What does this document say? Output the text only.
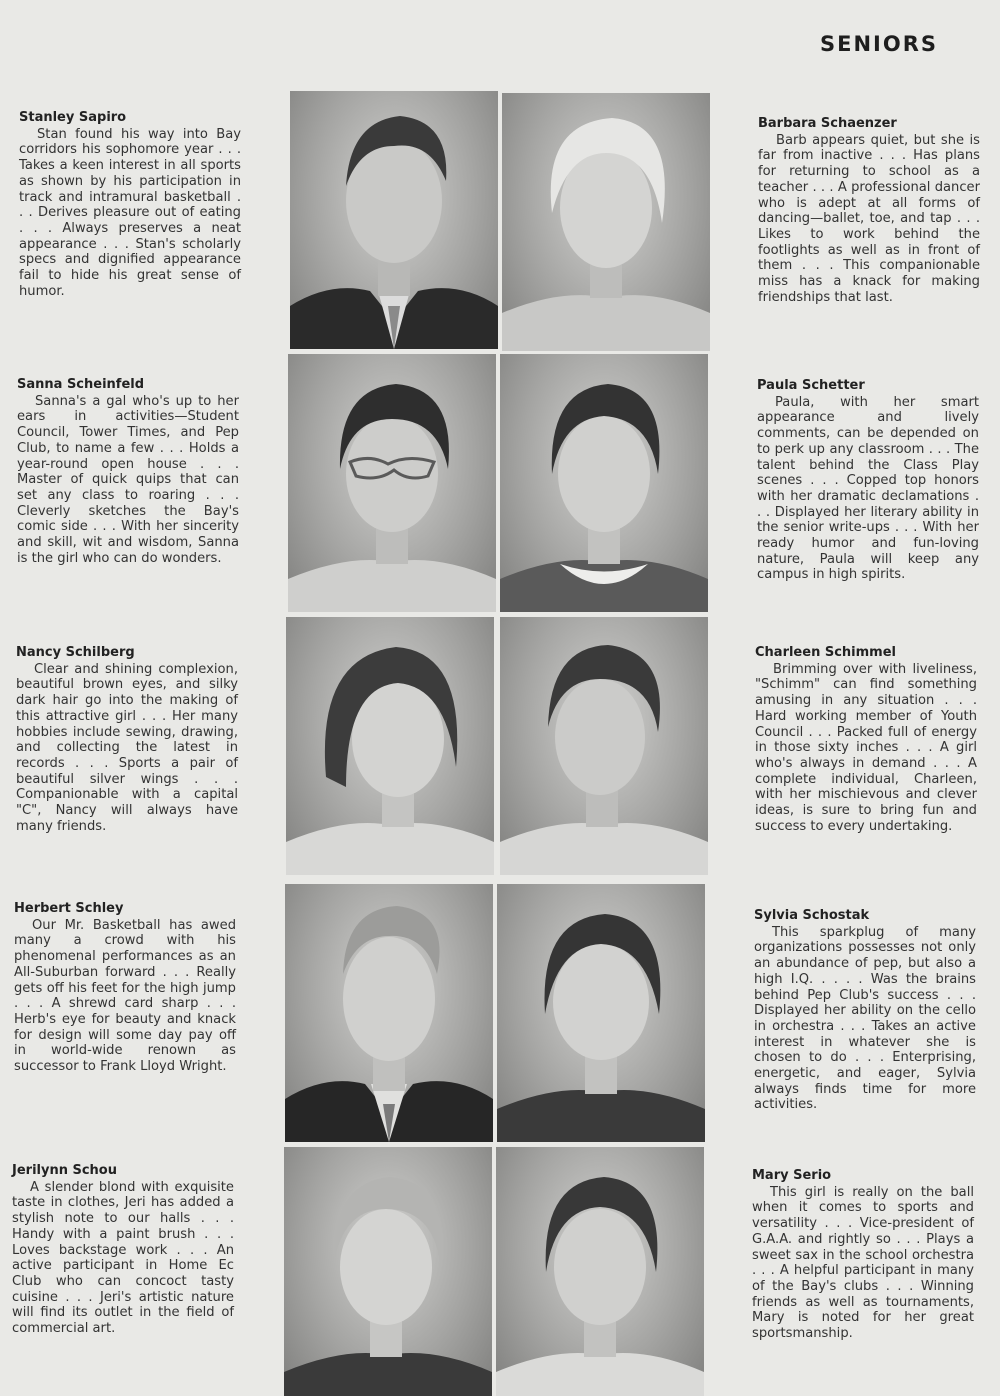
SENIORS
Stanley Sapiro
Stan found his way into Bay corridors his sophomore year . . . Takes a keen interest in all sports as shown by his participation in track and intramural basketball . . . Derives pleasure out of eating . . . Always preserves a neat appearance . . . Stan's scholarly specs and dignified appearance fail to hide his great sense of humor.
Barbara Schaenzer
Barb appears quiet, but she is far from inactive . . . Has plans for returning to school as a teacher . . . A professional dancer who is adept at all forms of dancing—ballet, toe, and tap . . . Likes to work behind the footlights as well as in front of them . . . This companionable miss has a knack for making friendships that last.
Sanna Scheinfeld
Sanna's a gal who's up to her ears in activities—Student Council, Tower Times, and Pep Club, to name a few . . . Holds a year-round open house . . . Master of quick quips that can set any class to roaring . . . Cleverly sketches the Bay's comic side . . . With her sincerity and skill, wit and wisdom, Sanna is the girl who can do wonders.
Paula Schetter
Paula, with her smart appearance and lively comments, can be depended on to perk up any classroom . . . The talent behind the Class Play scenes . . . Copped top honors with her dramatic declamations . . . Displayed her literary ability in the senior write-ups . . . With her ready humor and fun-loving nature, Paula will keep any campus in high spirits.
Nancy Schilberg
Clear and shining complexion, beautiful brown eyes, and silky dark hair go into the making of this attractive girl . . . Her many hobbies include sewing, drawing, and collecting the latest in records . . . Sports a pair of beautiful silver wings . . . Companionable with a capital "C", Nancy will always have many friends.
Charleen Schimmel
Brimming over with liveliness, "Schimm" can find something amusing in any situation . . . Hard working member of Youth Council . . . Packed full of energy in those sixty inches . . . A girl who's always in demand . . . A complete individual, Charleen, with her mischievous and clever ideas, is sure to bring fun and success to every undertaking.
Herbert Schley
Our Mr. Basketball has awed many a crowd with his phenomenal performances as an All-Suburban forward . . . Really gets off his feet for the high jump . . . A shrewd card sharp . . . Herb's eye for beauty and knack for design will some day pay off in world-wide renown as successor to Frank Lloyd Wright.
Sylvia Schostak
This sparkplug of many organizations possesses not only an abundance of pep, but also a high I.Q. . . . . Was the brains behind Pep Club's success . . . Displayed her ability on the cello in orchestra . . . Takes an active interest in whatever she is chosen to do . . . Enterprising, energetic, and eager, Sylvia always finds time for more activities.
Jerilynn Schou
A slender blond with exquisite taste in clothes, Jeri has added a stylish note to our halls . . . Handy with a paint brush . . . Loves backstage work . . . An active participant in Home Ec Club who can concoct tasty cuisine . . . Jeri's artistic nature will find its outlet in the field of commercial art.
Mary Serio
This girl is really on the ball when it comes to sports and versatility . . . Vice-president of G.A.A. and rightly so . . . Plays a sweet sax in the school orchestra . . . A helpful participant in many of the Bay's clubs . . . Winning friends as well as tournaments, Mary is noted for her great sportsmanship.
